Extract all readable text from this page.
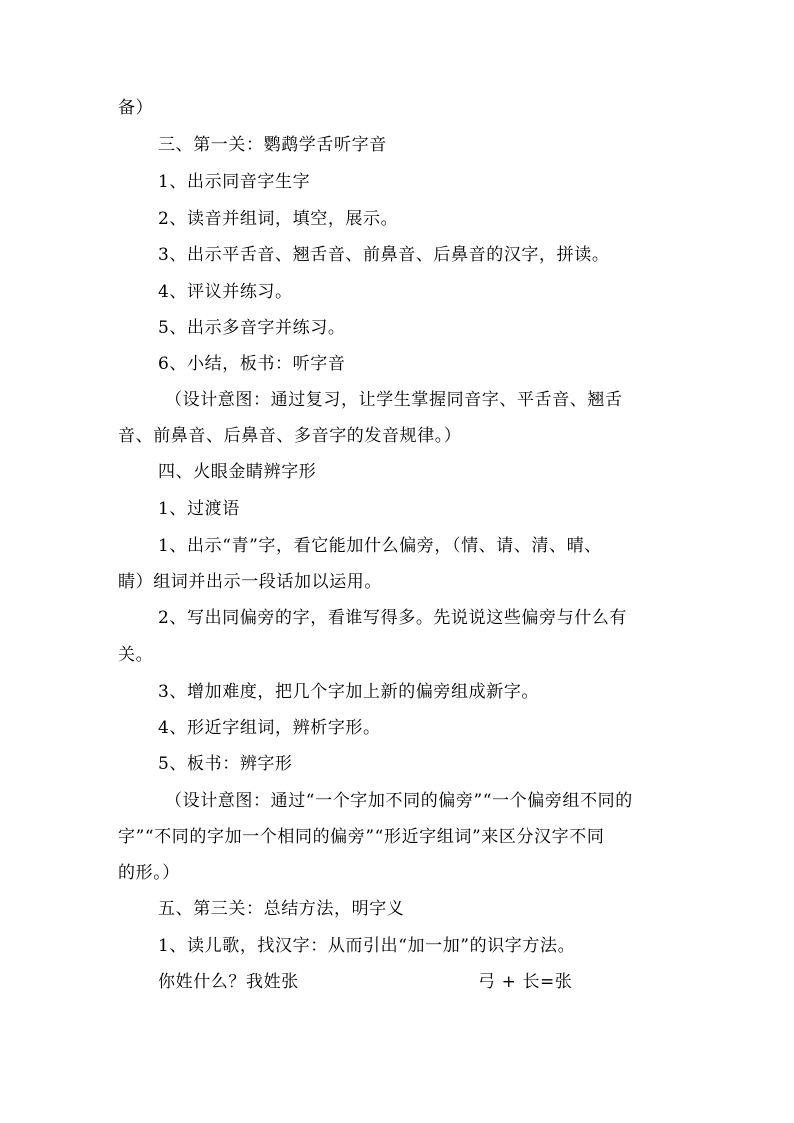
备）
三、第一关：鹦鹉学舌听字音
1、出示同音字生字
2、读音并组词，填空，展示。
3、出示平舌音、翘舌音、前鼻音、后鼻音的汉字，拼读。
4、评议并练习。
5、出示多音字并练习。
6、小结，板书：听字音
（设计意图：通过复习，让学生掌握同音字、平舌音、翘舌
音、前鼻音、后鼻音、多音字的发音规律。）
四、火眼金睛辨字形
1、过渡语
1、出示“青”字，看它能加什么偏旁，（情、请、清、晴、
睛）组词并出示一段话加以运用。
2、写出同偏旁的字，看谁写得多。先说说这些偏旁与什么有
关。
3、增加难度，把几个字加上新的偏旁组成新字。
4、形近字组词，辨析字形。
5、板书：辨字形
（设计意图：通过“一个字加不同的偏旁”“一个偏旁组不同的
字”“不同的字加一个相同的偏旁”“形近字组词”来区分汉字不同
的形。）
五、第三关：总结方法，明字义
1、读儿歌，找汉字：从而引出“加一加”的识字方法。
你姓什么？我姓张	弓 + 长=张
